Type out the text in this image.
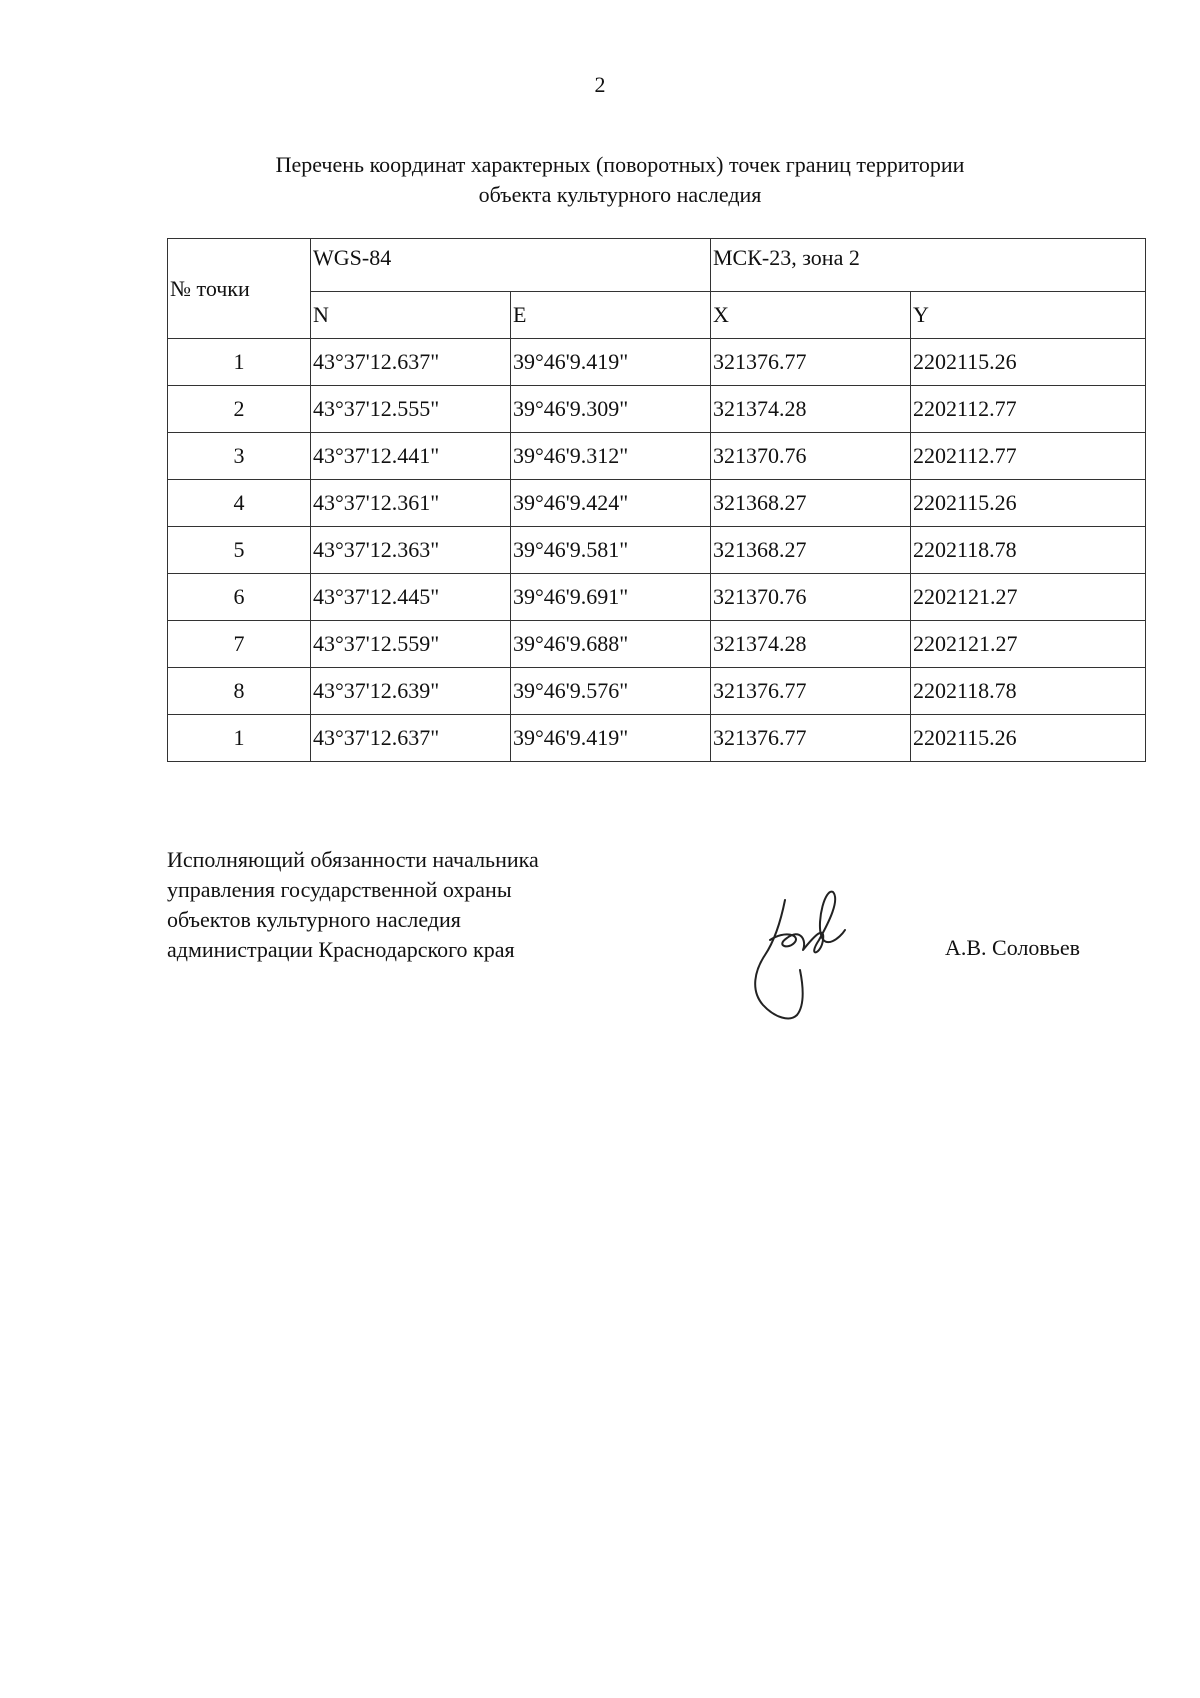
2
Перечень координат характерных (поворотных) точек границ территории
объекта культурного наследия
№ точки	WGS-84		МСК-23, зона 2	
	N	E	X	Y
1	43°37'12.637"	39°46'9.419"	321376.77	2202115.26
2	43°37'12.555"	39°46'9.309"	321374.28	2202112.77
3	43°37'12.441"	39°46'9.312"	321370.76	2202112.77
4	43°37'12.361"	39°46'9.424"	321368.27	2202115.26
5	43°37'12.363"	39°46'9.581"	321368.27	2202118.78
6	43°37'12.445"	39°46'9.691"	321370.76	2202121.27
7	43°37'12.559"	39°46'9.688"	321374.28	2202121.27
8	43°37'12.639"	39°46'9.576"	321376.77	2202118.78
1	43°37'12.637"	39°46'9.419"	321376.77	2202115.26
Исполняющий обязанности начальника
управления государственной охраны
объектов культурного наследия
администрации Краснодарского края	А.В. Соловьев
